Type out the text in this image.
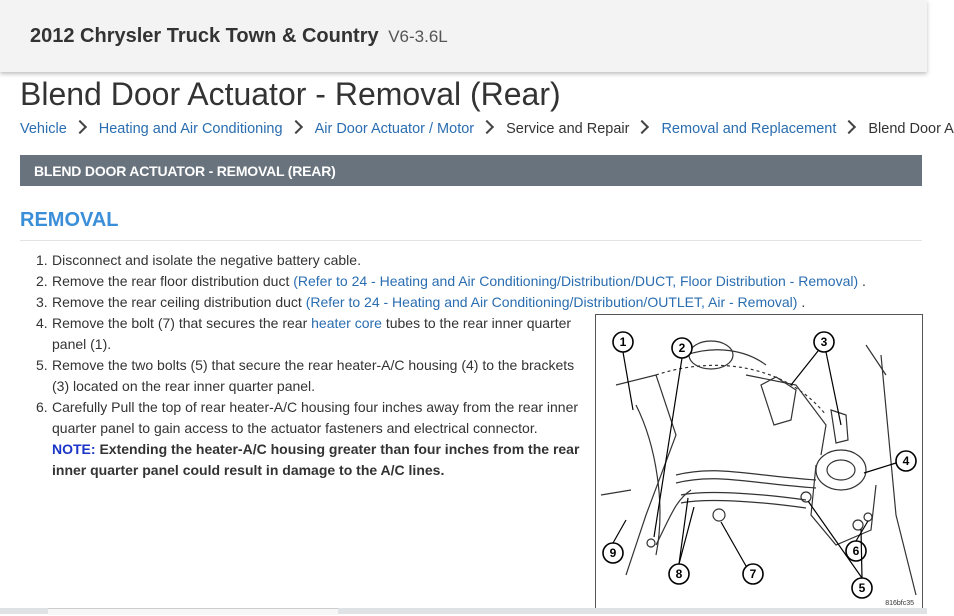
2012 Chrysler Truck Town & Country V6-3.6L
Blend Door Actuator - Removal (Rear)
Vehicle Heating and Air Conditioning Air Door Actuator / Motor Service and Repair Removal and Replacement Blend Door A
BLEND DOOR ACTUATOR - REMOVAL (REAR)
REMOVAL
1. Disconnect and isolate the negative battery cable.
2. Remove the rear floor distribution duct (Refer to 24 - Heating and Air Conditioning/Distribution/DUCT, Floor Distribution - Removal) .
3. Remove the rear ceiling distribution duct (Refer to 24 - Heating and Air Conditioning/Distribution/OUTLET, Air - Removal) .
4. Remove the bolt (7) that secures the rear heater core tubes to the rear inner quarter panel (1).
5. Remove the two bolts (5) that secure the rear heater-A/C housing (4) to the brackets (3) located on the rear inner quarter panel.
6. Carefully Pull the top of rear heater-A/C housing four inches away from the rear inner quarter panel to gain access to the actuator fasteners and electrical connector.
NOTE: Extending the heater-A/C housing greater than four inches from the rear inner quarter panel could result in damage to the A/C lines.
1	2	3
4
5
6
7
8
9
816bfc35
